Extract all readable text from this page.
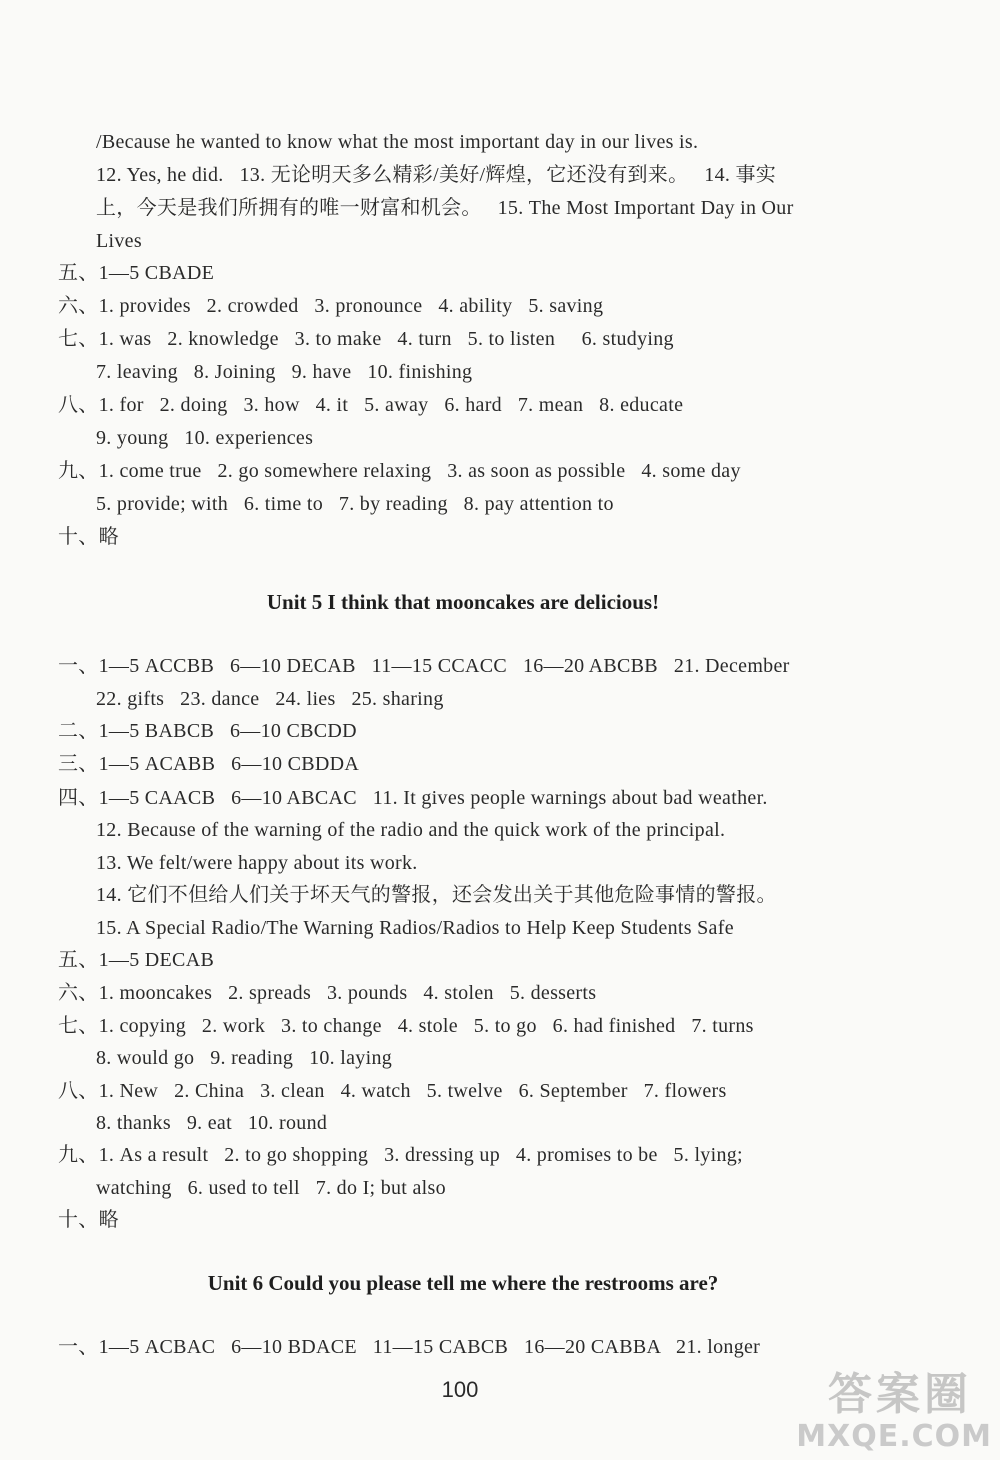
/Because he wanted to know what the most important day in our lives is.
12. Yes, he did.   13. 无论明天多么精彩/美好/辉煌，它还没有到来。   14. 事实
上，今天是我们所拥有的唯一财富和机会。   15. The Most Important Day in Our
Lives
五、1—5 CBADE
六、1. provides   2. crowded   3. pronounce   4. ability   5. saving
七、1. was   2. knowledge   3. to make   4. turn   5. to listen     6. studying
7. leaving   8. Joining   9. have   10. finishing
八、1. for   2. doing   3. how   4. it   5. away   6. hard   7. mean   8. educate
9. young   10. experiences
九、1. come true   2. go somewhere relaxing   3. as soon as possible   4. some day
5. provide; with   6. time to   7. by reading   8. pay attention to
十、略
Unit 5 I think that mooncakes are delicious!
一、1—5 ACCBB   6—10 DECAB   11—15 CCACC   16—20 ABCBB   21. December
22. gifts   23. dance   24. lies   25. sharing
二、1—5 BABCB   6—10 CBCDD
三、1—5 ACABB   6—10 CBDDA
四、1—5 CAACB   6—10 ABCAC   11. It gives people warnings about bad weather.
12. Because of the warning of the radio and the quick work of the principal.
13. We felt/were happy about its work.
14. 它们不但给人们关于坏天气的警报，还会发出关于其他危险事情的警报。
15. A Special Radio/The Warning Radios/Radios to Help Keep Students Safe
五、1—5 DECAB
六、1. mooncakes   2. spreads   3. pounds   4. stolen   5. desserts
七、1. copying   2. work   3. to change   4. stole   5. to go   6. had finished   7. turns
8. would go   9. reading   10. laying
八、1. New   2. China   3. clean   4. watch   5. twelve   6. September   7. flowers
8. thanks   9. eat   10. round
九、1. As a result   2. to go shopping   3. dressing up   4. promises to be   5. lying;
watching   6. used to tell   7. do I; but also
十、略
Unit 6 Could you please tell me where the restrooms are?
一、1—5 ACBAC   6—10 BDACE   11—15 CABCB   16—20 CABBA   21. longer
100	答案圈
MXQE.COM
